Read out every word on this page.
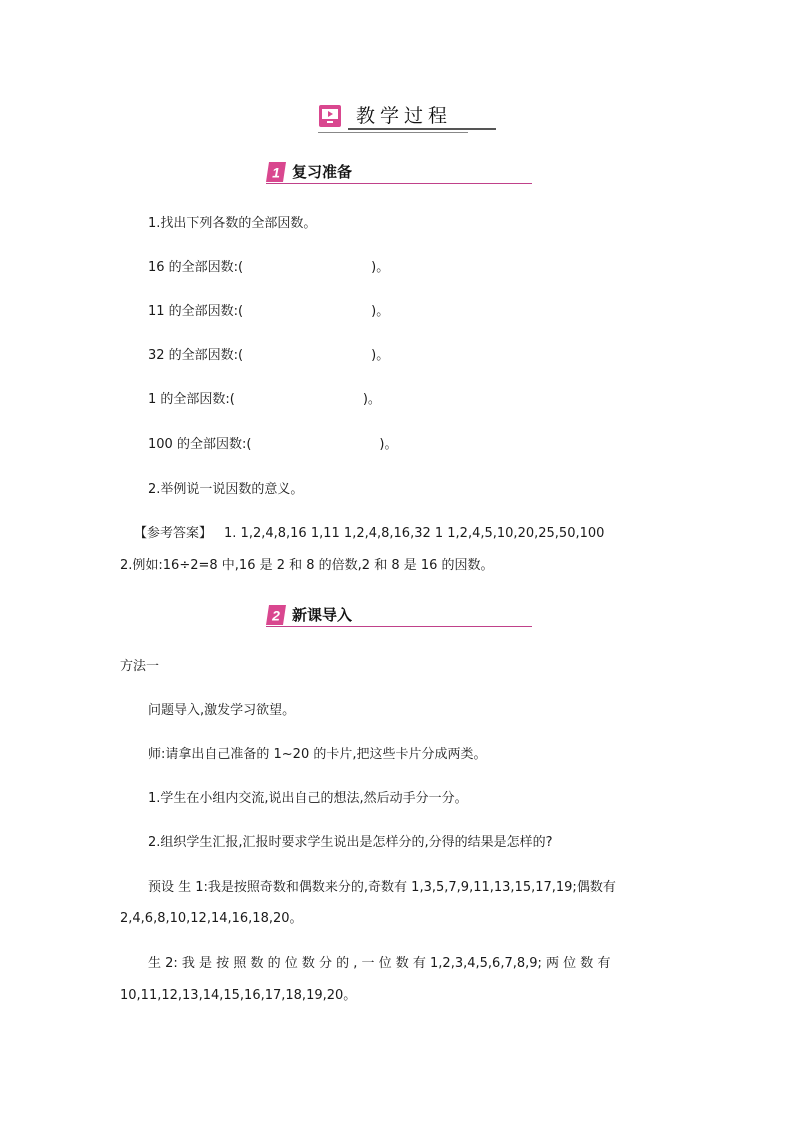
教学过程
1 复习准备
1.找出下列各数的全部因数。
16 的全部因数:(	)。
11 的全部因数:(	)。
32 的全部因数:(	)。
1 的全部因数:(	)。
100 的全部因数:(	)。
2.举例说一说因数的意义。
【参考答案】 1. 1,2,4,8,16 1,11 1,2,4,8,16,32 1 1,2,4,5,10,20,25,50,100
2.例如:16÷2=8 中,16 是 2 和 8 的倍数,2 和 8 是 16 的因数。
2 新课导入
方法一
问题导入,激发学习欲望。
师:请拿出自己准备的 1~20 的卡片,把这些卡片分成两类。
1.学生在小组内交流,说出自己的想法,然后动手分一分。
2.组织学生汇报,汇报时要求学生说出是怎样分的,分得的结果是怎样的?
预设 生 1:我是按照奇数和偶数来分的,奇数有 1,3,5,7,9,11,13,15,17,19;偶数有
2,4,6,8,10,12,14,16,18,20。
生 2: 我 是 按 照 数 的 位 数 分 的 , 一 位 数 有 1,2,3,4,5,6,7,8,9; 两 位 数 有
10,11,12,13,14,15,16,17,18,19,20。
